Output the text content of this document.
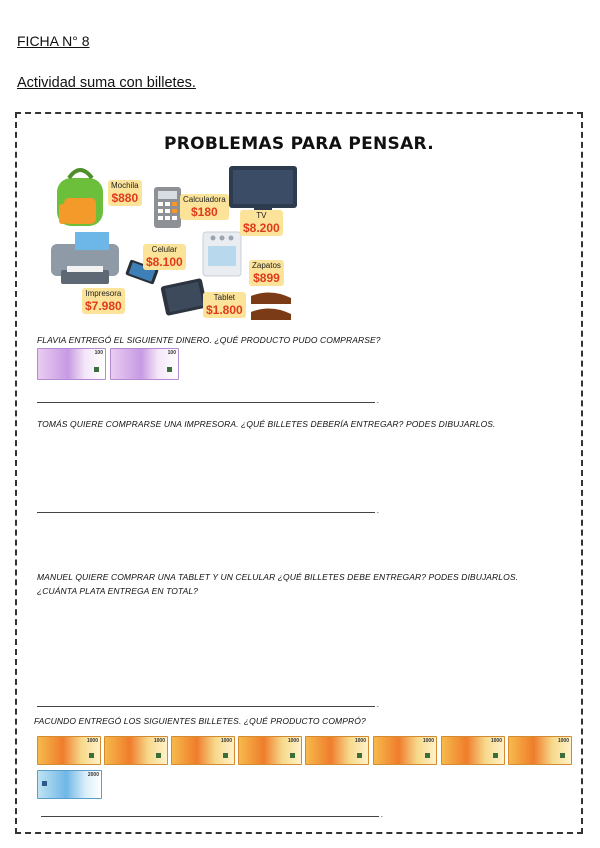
FICHA N° 8
Actividad suma con billetes.
PROBLEMAS PARA PENSAR.
Mochila
$880	Calculadora
$180	TV
$8.200
Celular
$8.100	Zapatos
$899
Impresora
$7.980
Tablet
$1.800
FLAVIA ENTREGÓ EL SIGUIENTE DINERO. ¿QUÉ PRODUCTO PUDO COMPRARSE?
100	100
.
TOMÁS QUIERE COMPRARSE UNA IMPRESORA. ¿QUÉ BILLETES DEBERÍA ENTREGAR? PODES DIBUJARLOS.
.
MANUEL QUIERE COMPRAR UNA TABLET Y UN CELULAR ¿QUÉ BILLETES DEBE ENTREGAR? PODES DIBUJARLOS.
¿CUÁNTA PLATA ENTREGA EN TOTAL?
.
FACUNDO ENTREGÓ LOS SIGUIENTES BILLETES. ¿QUÉ PRODUCTO COMPRÓ?
1000	1000	1000	1000	1000	1000	1000	1000
2000
.
